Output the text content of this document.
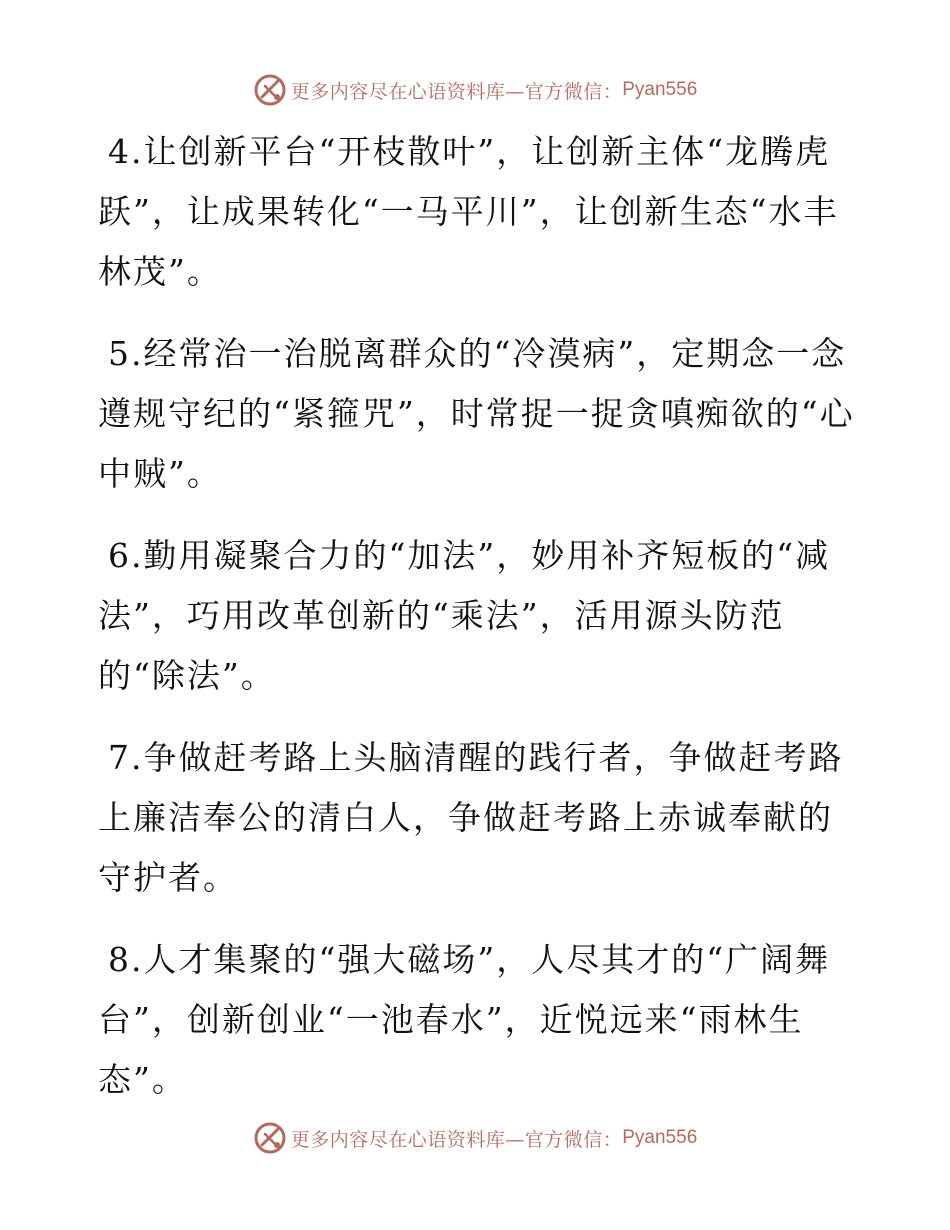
更多内容尽在心语资料库—官方微信： Pyan556

4.让创新平台“开枝散叶”，让创新主体“龙腾虎跃”，让成果转化“一马平川”，让创新生态“水丰林茂”。

5.经常治一治脱离群众的“冷漠病”，定期念一念遵规守纪的“紧箍咒”，时常捉一捉贪嗔痴欲的“心中贼”。

6.勤用凝聚合力的“加法”，妙用补齐短板的“减法”，巧用改革创新的“乘法”，活用源头防范的“除法”。

7.争做赶考路上头脑清醒的践行者，争做赶考路上廉洁奉公的清白人，争做赶考路上赤诚奉献的守护者。

8.人才集聚的“强大磁场”，人尽其才的“广阔舞台”，创新创业“一池春水”，近悦远来“雨林生态”。

更多内容尽在心语资料库—官方微信： Pyan556
